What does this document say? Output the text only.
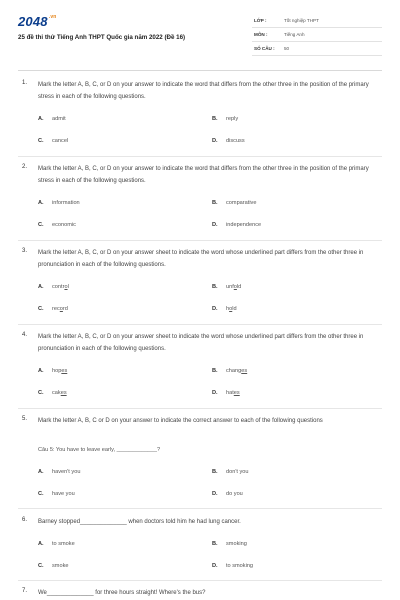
$2048^{.vn}$
25 đề thi thử Tiếng Anh THPT Quốc gia năm 2022 (Đề 16)
LỚP :	Tốt nghiệp THPT
MÔN :	Tiếng Anh
SỐ CÂU : 50
1. Mark the letter A, B, C, or D on your answer to indicate the word that differs from the other three in the position of the primary stress in each of the following questions.
A. admit	B. reply
C. cancel	D. discuss
2. Mark the letter A, B, C, or D on your answer to indicate the word that differs from the other three in the position of the primary stress in each of the following questions.
A. information	B. comparative
C. economic	D. independence
3. Mark the letter A, B, C, or D on your answer sheet to indicate the word whose underlined part differs from the other three in pronunciation in each of the following questions.
A. control	B. unfold
C. record	D. hold
4. Mark the letter A, B, C, or D on your answer sheet to indicate the word whose underlined part differs from the other three in pronunciation in each of the following questions.
A. hopes	B. changes
C. cakes	D. hates
5. Mark the letter A, B, C or D on your answer to indicate the correct answer to each of the following questions
Câu 5: You have to leave early, _____________?
A. haven't you	B. don't you
C. have you	D. do you
6. Barney stopped______________ when doctors told him he had lung cancer.
A. to smoke	B. smoking
C. smoke	D. to smoking
7. We______________ for three hours straight! Where's the bus?
